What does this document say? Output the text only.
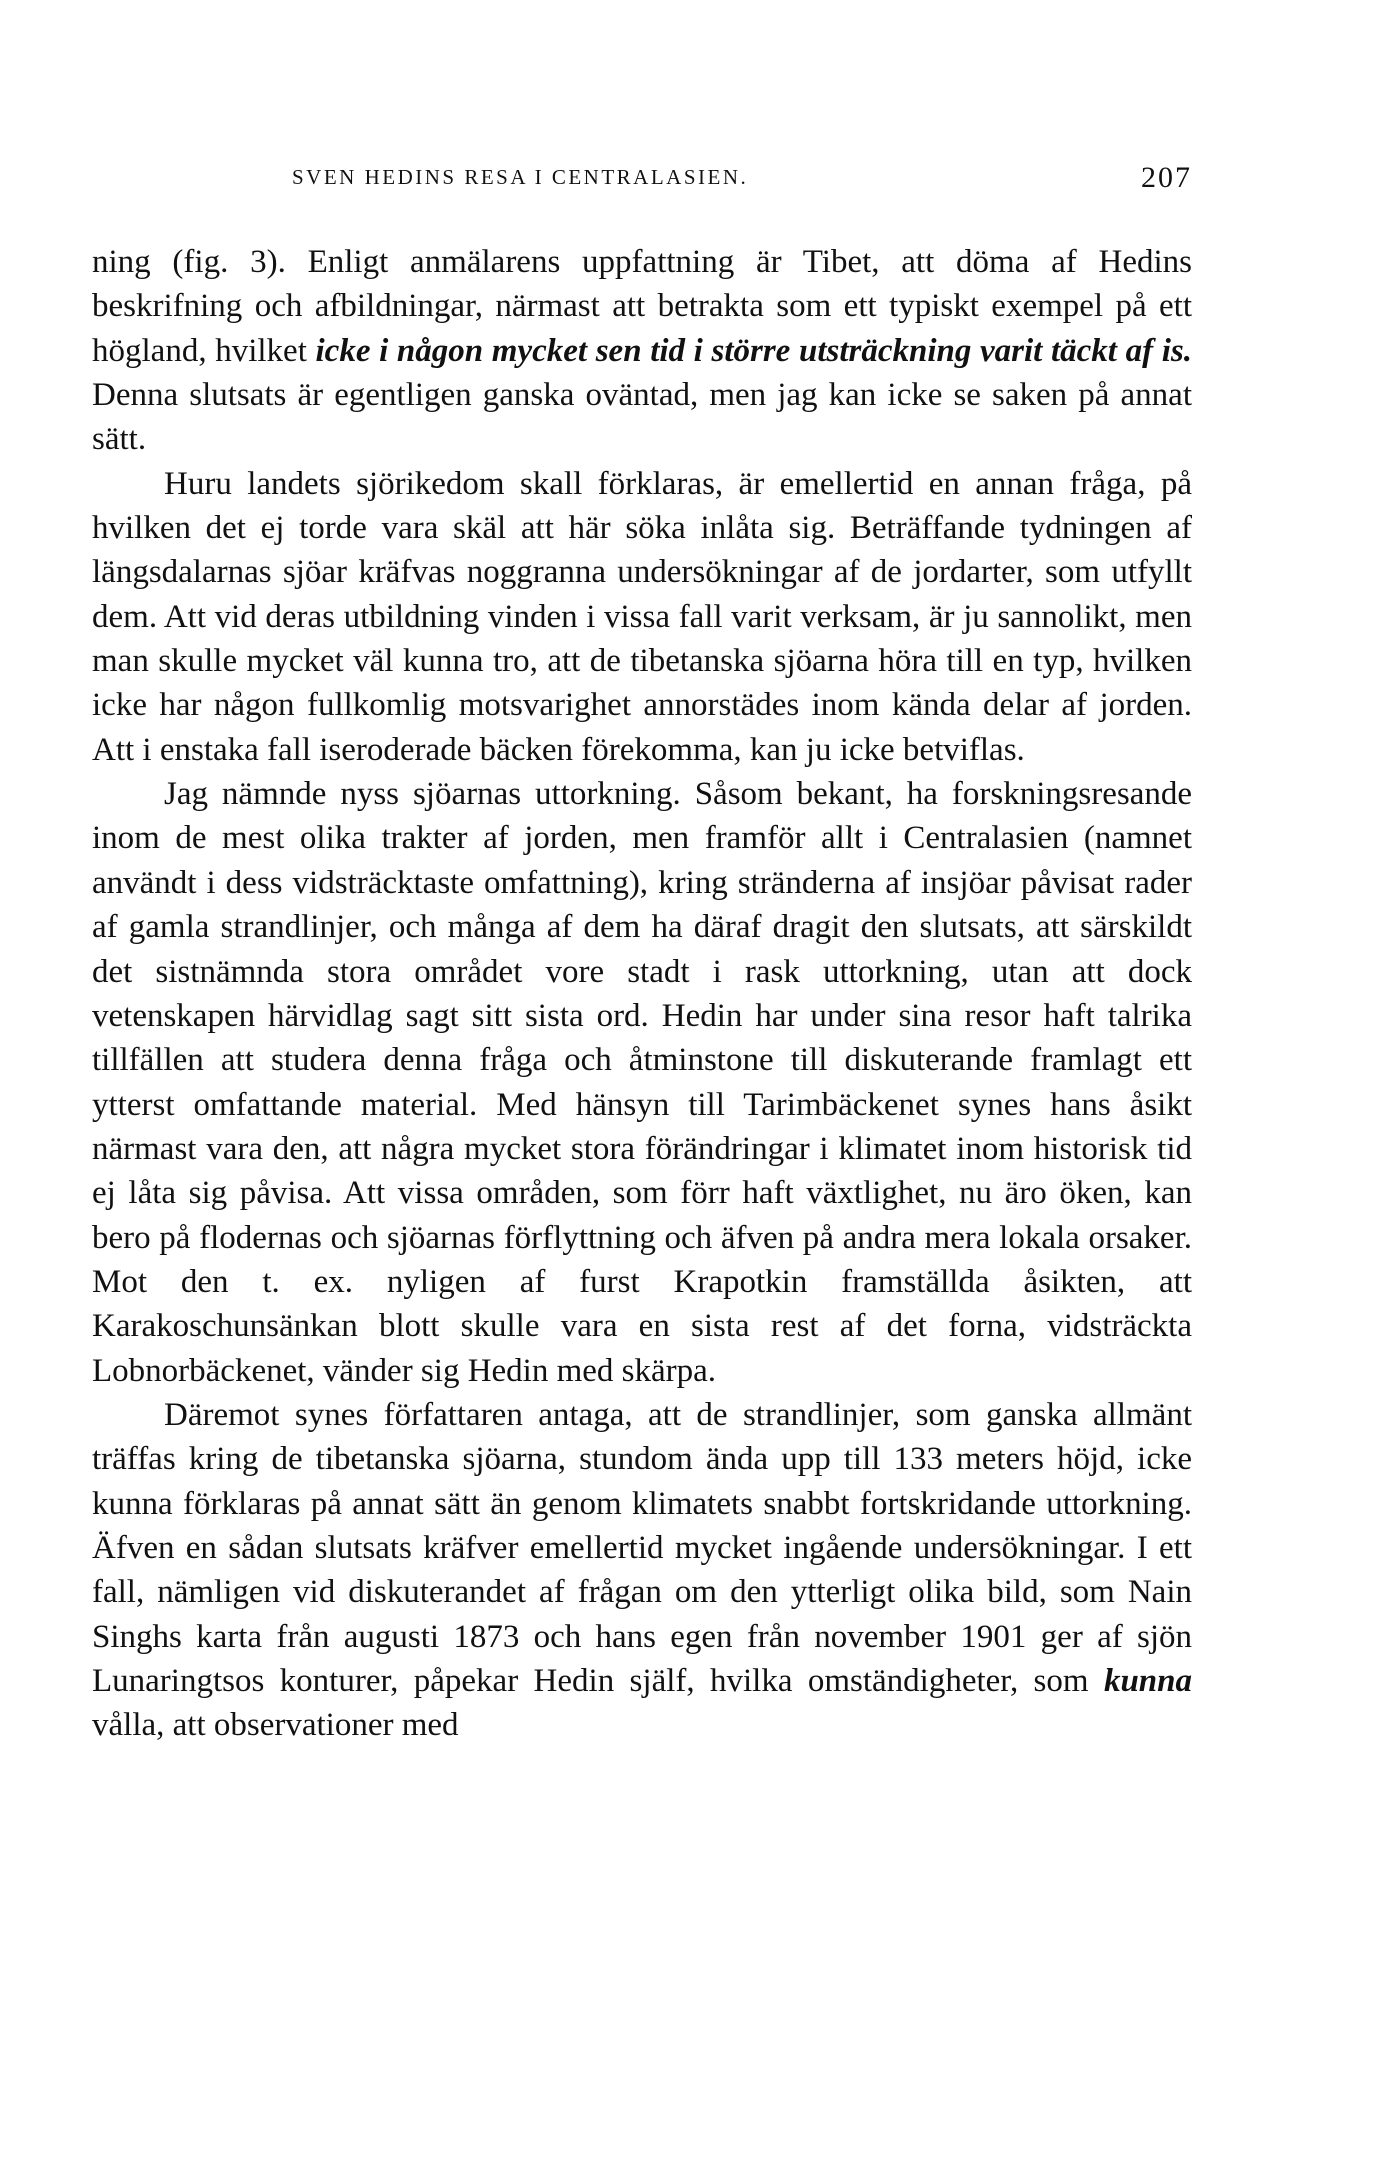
SVEN HEDINS RESA I CENTRALASIEN.	207

ning (fig. 3). Enligt anmälarens uppfattning är Tibet, att döma af Hedins beskrifning och afbildningar, närmast att betrakta som ett typiskt exempel på ett högland, hvilket icke i någon mycket sen tid i större utsträckning varit täckt af is. Denna slutsats är egentligen ganska oväntad, men jag kan icke se saken på annat sätt.

Huru landets sjörikedom skall förklaras, är emellertid en annan fråga, på hvilken det ej torde vara skäl att här söka inlåta sig. Beträffande tydningen af längsdalarnas sjöar kräfvas noggranna undersökningar af de jordarter, som utfyllt dem. Att vid deras utbildning vinden i vissa fall varit verksam, är ju sannolikt, men man skulle mycket väl kunna tro, att de tibetanska sjöarna höra till en typ, hvilken icke har någon fullkomlig motsvarighet annorstädes inom kända delar af jorden. Att i enstaka fall iseroderade bäcken förekomma, kan ju icke betviflas.

Jag nämnde nyss sjöarnas uttorkning. Såsom bekant, ha forskningsresande inom de mest olika trakter af jorden, men framför allt i Centralasien (namnet användt i dess vidsträcktaste omfattning), kring stränderna af insjöar påvisat rader af gamla strandlinjer, och många af dem ha däraf dragit den slutsats, att särskildt det sistnämnda stora området vore stadt i rask uttorkning, utan att dock vetenskapen härvidlag sagt sitt sista ord. Hedin har under sina resor haft talrika tillfällen att studera denna fråga och åtminstone till diskuterande framlagt ett ytterst omfattande material. Med hänsyn till Tarimbäckenet synes hans åsikt närmast vara den, att några mycket stora förändringar i klimatet inom historisk tid ej låta sig påvisa. Att vissa områden, som förr haft växtlighet, nu äro öken, kan bero på flodernas och sjöarnas förflyttning och äfven på andra mera lokala orsaker. Mot den t. ex. nyligen af furst Krapotkin framställda åsikten, att Karakoschunsänkan blott skulle vara en sista rest af det forna, vidsträckta Lobnorbäckenet, vänder sig Hedin med skärpa.

Däremot synes författaren antaga, att de strandlinjer, som ganska allmänt träffas kring de tibetanska sjöarna, stundom ända upp till 133 meters höjd, icke kunna förklaras på annat sätt än genom klimatets snabbt fortskridande uttorkning. Äfven en sådan slutsats kräfver emellertid mycket ingående undersökningar. I ett fall, nämligen vid diskuterandet af frågan om den ytterligt olika bild, som Nain Singhs karta från augusti 1873 och hans egen från november 1901 ger af sjön Lunaringtsos konturer, påpekar Hedin själf, hvilka omständigheter, som kunna vålla, att observationer med
